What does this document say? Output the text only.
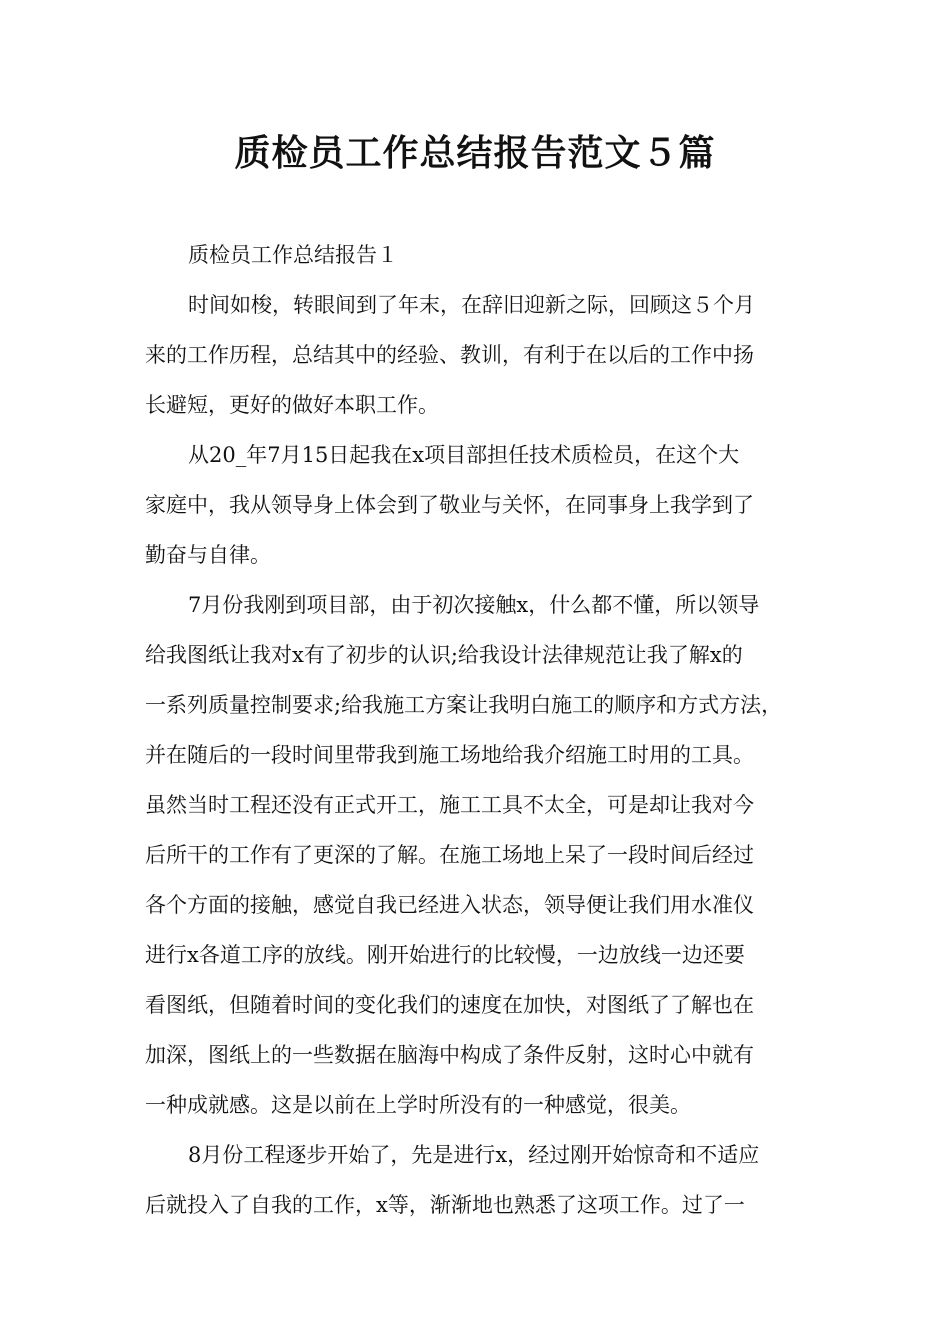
质检员工作总结报告范文５篇
质检员工作总结报告１
时间如梭，转眼间到了年末，在辞旧迎新之际，回顾这５个月
来的工作历程，总结其中的经验、教训，有利于在以后的工作中扬
长避短，更好的做好本职工作。
从20_年7月15日起我在x项目部担任技术质检员，在这个大
家庭中，我从领导身上体会到了敬业与关怀，在同事身上我学到了
勤奋与自律。
7月份我刚到项目部，由于初次接触x，什么都不懂，所以领导
给我图纸让我对x有了初步的认识;给我设计法律规范让我了解x的
一系列质量控制要求;给我施工方案让我明白施工的顺序和方式方法，
并在随后的一段时间里带我到施工场地给我介绍施工时用的工具。
虽然当时工程还没有正式开工，施工工具不太全，可是却让我对今
后所干的工作有了更深的了解。在施工场地上呆了一段时间后经过
各个方面的接触，感觉自我已经进入状态，领导便让我们用水准仪
进行x各道工序的放线。刚开始进行的比较慢，一边放线一边还要
看图纸，但随着时间的变化我们的速度在加快，对图纸了了解也在
加深，图纸上的一些数据在脑海中构成了条件反射，这时心中就有
一种成就感。这是以前在上学时所没有的一种感觉，很美。
8月份工程逐步开始了，先是进行x，经过刚开始惊奇和不适应
后就投入了自我的工作，x等，渐渐地也熟悉了这项工作。过了一
